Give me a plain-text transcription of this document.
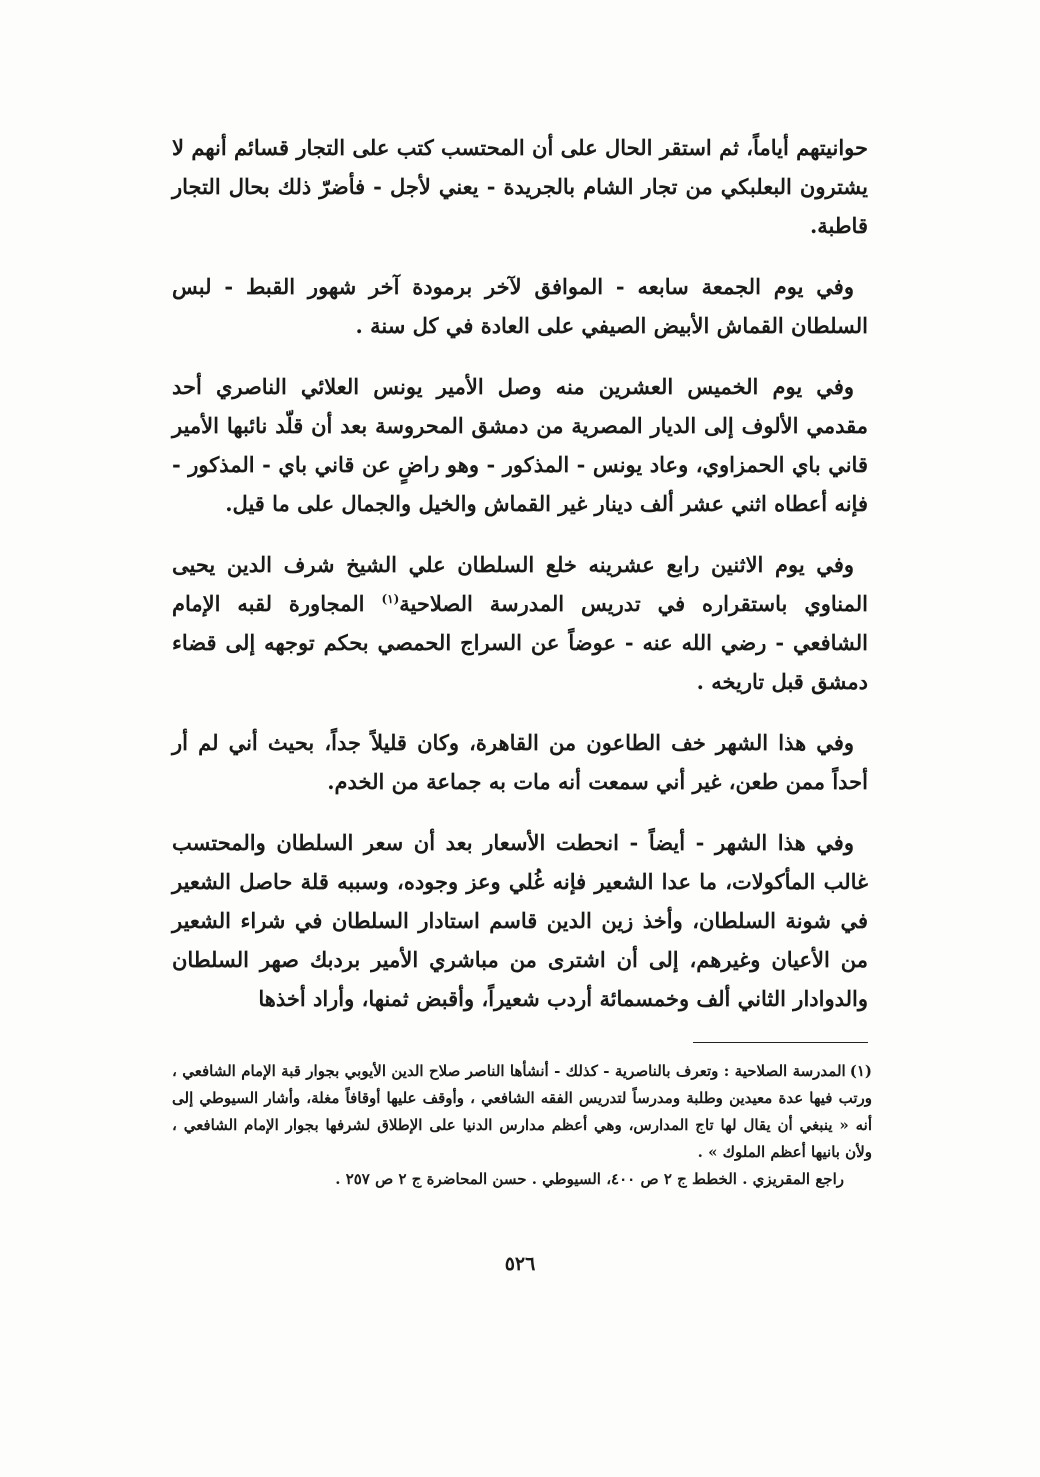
حوانيتهم أياماً، ثم استقر الحال على أن المحتسب كتب على التجار قسائم أنهم لا يشترون البعلبكي من تجار الشام بالجريدة - يعني لأجل - فأضرّ ذلك بحال التجار قاطبة.

وفي يوم الجمعة سابعه - الموافق لآخر برمودة آخر شهور القبط - لبس السلطان القماش الأبيض الصيفي على العادة في كل سنة .

وفي يوم الخميس العشرين منه وصل الأمير يونس العلائي الناصري أحد مقدمي الألوف إلى الديار المصرية من دمشق المحروسة بعد أن قلّد نائبها الأمير قاني باي الحمزاوي، وعاد يونس - المذكور - وهو راضٍ عن قاني باي - المذكور - فإنه أعطاه اثني عشر ألف دينار غير القماش والخيل والجمال على ما قيل.

وفي يوم الاثنين رابع عشرينه خلع السلطان علي الشيخ شرف الدين يحيى المناوي باستقراره في تدريس المدرسة الصلاحية$^{(١)}$ المجاورة لقبه الإمام الشافعي - رضي الله عنه - عوضاً عن السراج الحمصي بحكم توجهه إلى قضاء دمشق قبل تاريخه .

وفي هذا الشهر خف الطاعون من القاهرة، وكان قليلاً جداً، بحيث أني لم أر أحداً ممن طعن، غير أني سمعت أنه مات به جماعة من الخدم.

وفي هذا الشهر - أيضاً - انحطت الأسعار بعد أن سعر السلطان والمحتسب غالب المأكولات، ما عدا الشعير فإنه غُلي وعز وجوده، وسببه قلة حاصل الشعير في شونة السلطان، وأخذ زين الدين قاسم استادار السلطان في شراء الشعير من الأعيان وغيرهم، إلى أن اشترى من مباشري الأمير بردبك صهر السلطان والدوادار الثاني ألف وخمسمائة أردب شعيراً، وأقبض ثمنها، وأراد أخذها

(١)المدرسة الصلاحية : وتعرف بالناصرية - كذلك - أنشأها الناصر صلاح الدين الأيوبي بجوار قبة الإمام الشافعي ، ورتب فيها عدة معيدين وطلبة ومدرساً لتدريس الفقه الشافعي ، وأوقف عليها أوقافاً مغلة، وأشار السيوطي إلى أنه « ينبغي أن يقال لها تاج المدارس، وهي أعظم مدارس الدنيا على الإطلاق لشرفها بجوار الإمام الشافعي ، ولأن بانيها أعظم الملوك » .

راجع المقريزي . الخطط ج ٢ ص ٤٠٠، السيوطي . حسن المحاضرة ج ٢ ص ٢٥٧ .

٥٢٦
